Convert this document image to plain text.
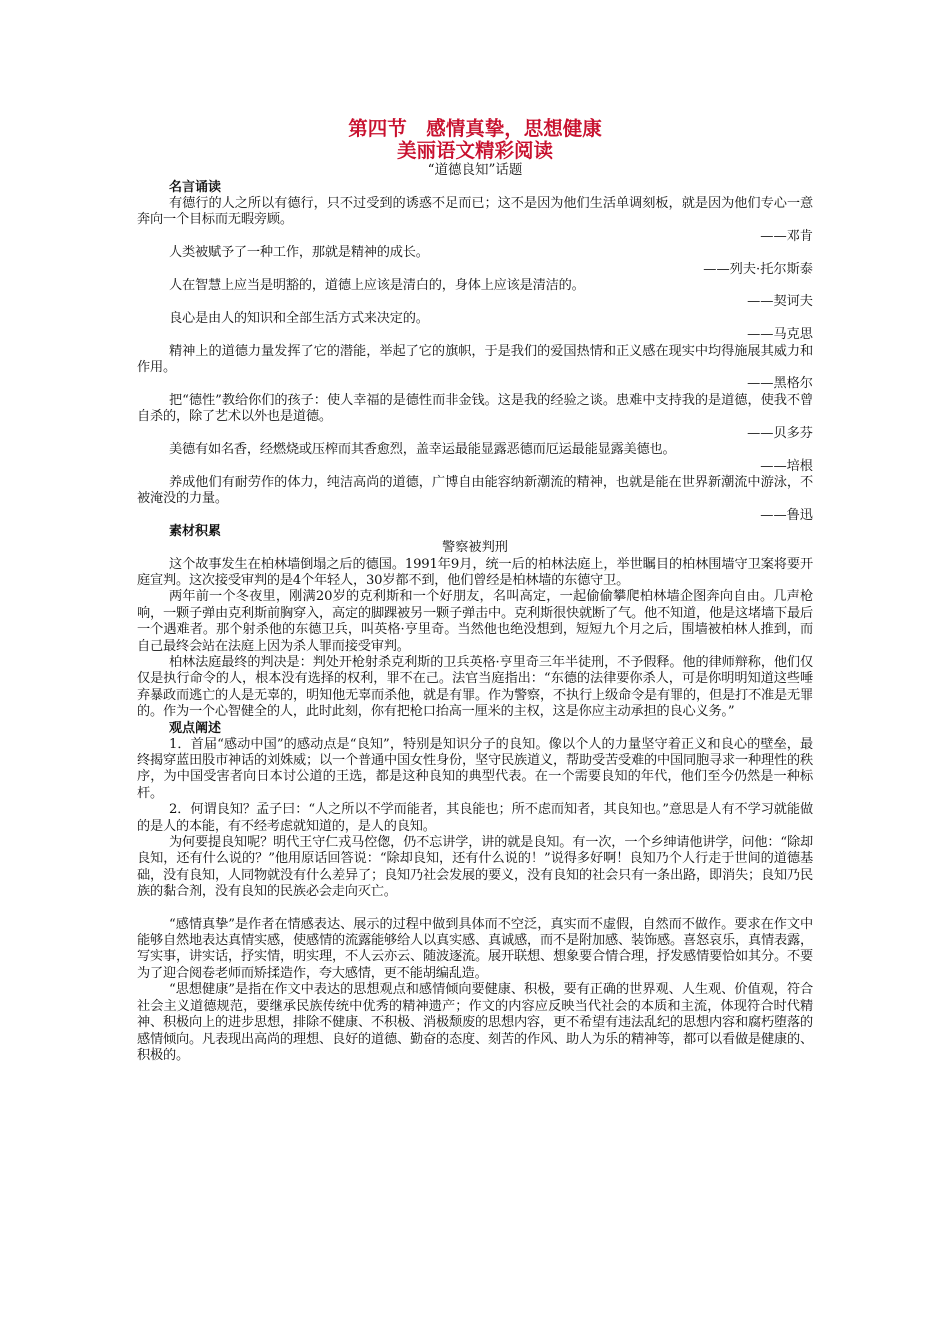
第四节　感情真挚，思想健康
美丽语文精彩阅读
“道德良知”话题
名言诵读

有德行的人之所以有德行，只不过受到的诱惑不足而已；这不是因为他们生活单调刻板，就是因为他们专心一意奔向一个目标而无暇旁顾。

——邓肯

人类被赋予了一种工作，那就是精神的成长。

——列夫·托尔斯泰

人在智慧上应当是明豁的，道德上应该是清白的，身体上应该是清洁的。

——契诃夫

良心是由人的知识和全部生活方式来决定的。

——马克思

精神上的道德力量发挥了它的潜能，举起了它的旗帜，于是我们的爱国热情和正义感在现实中均得施展其威力和作用。

——黑格尔

把“德性”教给你们的孩子：使人幸福的是德性而非金钱。这是我的经验之谈。患难中支持我的是道德，使我不曾自杀的，除了艺术以外也是道德。

——贝多芬

美德有如名香，经燃烧或压榨而其香愈烈，盖幸运最能显露恶德而厄运最能显露美德也。

——培根

养成他们有耐劳作的体力，纯洁高尚的道德，广博自由能容纳新潮流的精神，也就是能在世界新潮流中游泳，不被淹没的力量。

——鲁迅

素材积累

警察被判刑

这个故事发生在柏林墙倒塌之后的德国。1991年9月，统一后的柏林法庭上，举世瞩目的柏林围墙守卫案将要开庭宣判。这次接受审判的是4个年轻人，30岁都不到，他们曾经是柏林墙的东德守卫。

两年前一个冬夜里，刚满20岁的克利斯和一个好朋友，名叫高定，一起偷偷攀爬柏林墙企图奔向自由。几声枪响，一颗子弹由克利斯前胸穿入，高定的脚踝被另一颗子弹击中。克利斯很快就断了气。他不知道，他是这堵墙下最后一个遇难者。那个射杀他的东德卫兵，叫英格·亨里奇。当然他也绝没想到，短短九个月之后，围墙被柏林人推到，而自己最终会站在法庭上因为杀人罪而接受审判。

柏林法庭最终的判决是：判处开枪射杀克利斯的卫兵英格·亨里奇三年半徒刑，不予假释。他的律师辩称，他们仅仅是执行命令的人，根本没有选择的权利，罪不在己。法官当庭指出：“东德的法律要你杀人，可是你明明知道这些唾弃暴政而逃亡的人是无辜的，明知他无辜而杀他，就是有罪。作为警察，不执行上级命令是有罪的，但是打不准是无罪的。作为一个心智健全的人，此时此刻，你有把枪口抬高一厘米的主权，这是你应主动承担的良心义务。”

观点阐述

1．首届“感动中国”的感动点是“良知”，特别是知识分子的良知。像以个人的力量坚守着正义和良心的壁垒，最终揭穿蓝田股市神话的刘姝威；以一个普通中国女性身份，坚守民族道义，帮助受苦受难的中国同胞寻求一种理性的秩序，为中国受害者向日本讨公道的王选，都是这种良知的典型代表。在一个需要良知的年代，他们至今仍然是一种标杆。

2．何谓良知？孟子曰：“人之所以不学而能者，其良能也；所不虑而知者，其良知也。”意思是人有不学习就能做的是人的本能，有不经考虑就知道的，是人的良知。

为何要提良知呢？明代王守仁戎马倥偬，仍不忘讲学，讲的就是良知。有一次，一个乡绅请他讲学，问他：“除却良知，还有什么说的？”他用原话回答说：“除却良知，还有什么说的！”说得多好啊！良知乃个人行走于世间的道德基础，没有良知，人同物就没有什么差异了；良知乃社会发展的要义，没有良知的社会只有一条出路，即消失；良知乃民族的黏合剂，没有良知的民族必会走向灭亡。

“感情真挚”是作者在情感表达、展示的过程中做到具体而不空泛，真实而不虚假，自然而不做作。要求在作文中能够自然地表达真情实感，使感情的流露能够给人以真实感、真诚感，而不是附加感、装饰感。喜怒哀乐，真情表露，写实事，讲实话，抒实情，明实理，不人云亦云、随波逐流。展开联想、想象要合情合理，抒发感情要恰如其分。不要为了迎合阅卷老师而矫揉造作，夸大感情，更不能胡编乱造。

“思想健康”是指在作文中表达的思想观点和感情倾向要健康、积极，要有正确的世界观、人生观、价值观，符合社会主义道德规范，要继承民族传统中优秀的精神遗产；作文的内容应反映当代社会的本质和主流，体现符合时代精神、积极向上的进步思想，排除不健康、不积极、消极颓废的思想内容，更不希望有违法乱纪的思想内容和腐朽堕落的感情倾向。凡表现出高尚的理想、良好的道德、勤奋的态度、刻苦的作风、助人为乐的精神等，都可以看做是健康的、积极的。
